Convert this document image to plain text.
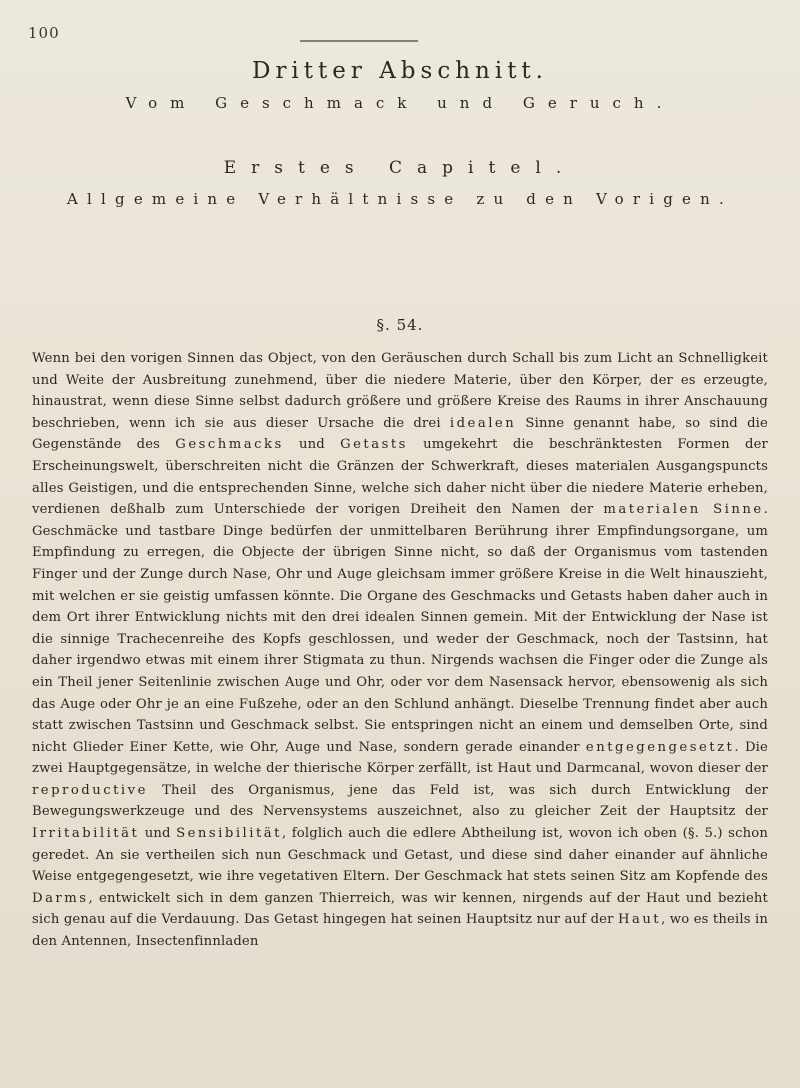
100
Dritter Abschnitt.
Vom Geschmack und Geruch.
Erstes Capitel.
Allgemeine Verhältnisse zu den Vorigen.
§. 54.

Wenn bei den vorigen Sinnen das Object, von den Geräuschen durch Schall bis zum Licht an Schnelligkeit und Weite der Ausbreitung zunehmend, über die niedere Materie, über den Körper, der es erzeugte, hinaustrat, wenn diese Sinne selbst dadurch größere und größere Kreise des Raums in ihrer Anschauung beschrieben, wenn ich sie aus dieser Ursache die drei idealen Sinne genannt habe, so sind die Gegenstände des Geschmacks und Getasts umgekehrt die beschränktesten Formen der Erscheinungswelt, überschreiten nicht die Gränzen der Schwerkraft, dieses materialen Ausgangspuncts alles Geistigen, und die entsprechenden Sinne, welche sich daher nicht über die niedere Materie erheben, verdienen deßhalb zum Unterschiede der vorigen Dreiheit den Namen der materialen Sinne. Geschmäcke und tastbare Dinge bedürfen der unmittelbaren Berührung ihrer Empfindungsorgane, um Empfindung zu erregen, die Objecte der übrigen Sinne nicht, so daß der Organismus vom tastenden Finger und der Zunge durch Nase, Ohr und Auge gleichsam immer größere Kreise in die Welt hinauszieht, mit welchen er sie geistig umfassen könnte. Die Organe des Geschmacks und Getasts haben daher auch in dem Ort ihrer Entwicklung nichts mit den drei idealen Sinnen gemein. Mit der Entwicklung der Nase ist die sinnige Trachecenreihe des Kopfs geschlossen, und weder der Geschmack, noch der Tastsinn, hat daher irgendwo etwas mit einem ihrer Stigmata zu thun. Nirgends wachsen die Finger oder die Zunge als ein Theil jener Seitenlinie zwischen Auge und Ohr, oder vor dem Nasensack hervor, ebensowenig als sich das Auge oder Ohr je an eine Fußzehe, oder an den Schlund anhängt. Dieselbe Trennung findet aber auch statt zwischen Tastsinn und Geschmack selbst. Sie entspringen nicht an einem und demselben Orte, sind nicht Glieder Einer Kette, wie Ohr, Auge und Nase, sondern gerade einander entgegengesetzt. Die zwei Hauptgegensätze, in welche der thierische Körper zerfällt, ist Haut und Darmcanal, wovon dieser der reproductive Theil des Organismus, jene das Feld ist, was sich durch Entwicklung der Bewegungswerkzeuge und des Nervensystems auszeichnet, also zu gleicher Zeit der Hauptsitz der Irritabilität und Sensibilität, folglich auch die edlere Abtheilung ist, wovon ich oben (§. 5.) schon geredet. An sie vertheilen sich nun Geschmack und Getast, und diese sind daher einander auf ähnliche Weise entgegengesetzt, wie ihre vegetativen Eltern. Der Geschmack hat stets seinen Sitz am Kopfende des Darms, entwickelt sich in dem ganzen Thierreich, was wir kennen, nirgends auf der Haut und bezieht sich genau auf die Verdauung. Das Getast hingegen hat seinen Hauptsitz nur auf der Haut, wo es theils in den Antennen, Insectenfinnladen
